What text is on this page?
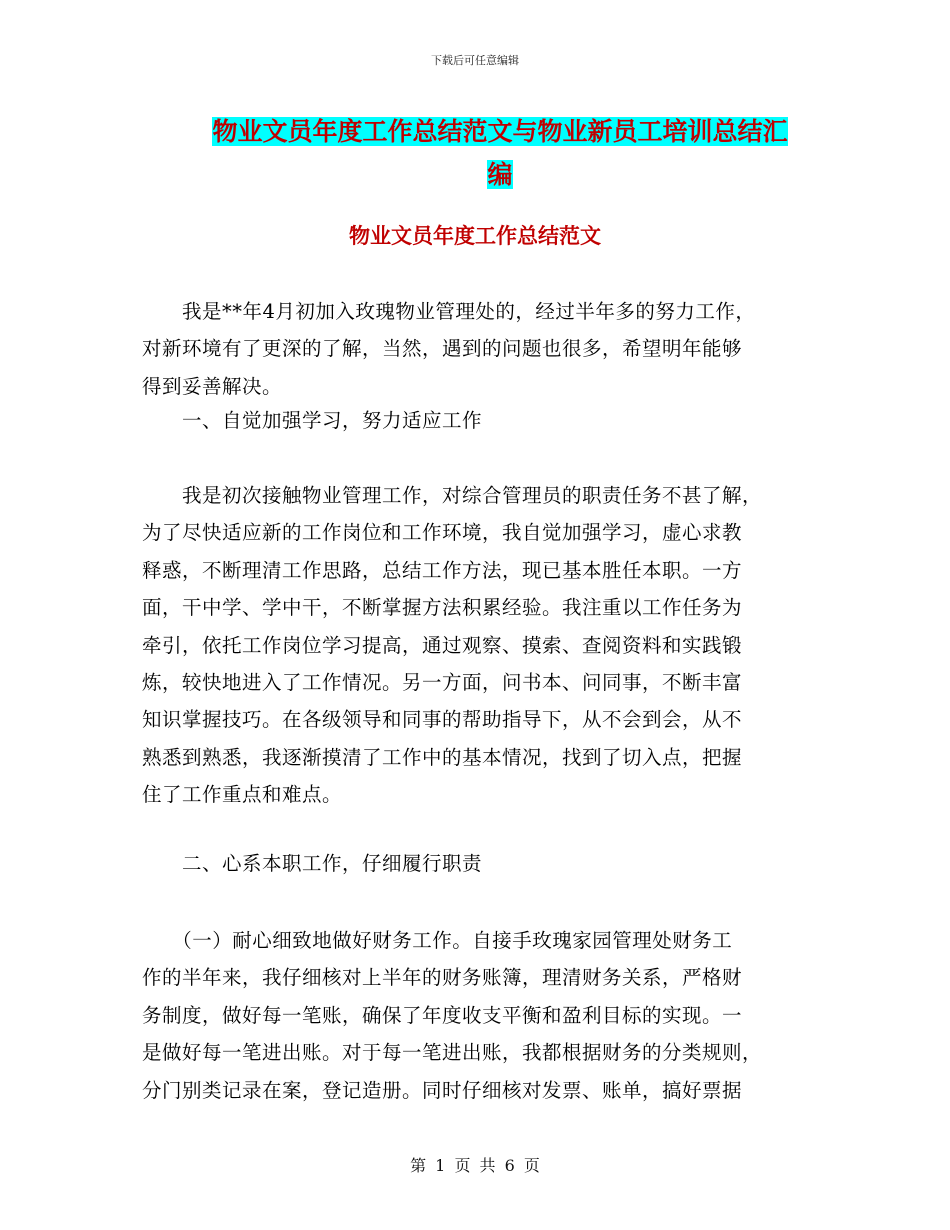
下载后可任意编辑
物业文员年度工作总结范文与物业新员工培训总结汇
编
物业文员年度工作总结范文
　　我是**年4月初加入玫瑰物业管理处的，经过半年多的努力工作，
对新环境有了更深的了解，当然，遇到的问题也很多，希望明年能够
得到妥善解决。
　　一、自觉加强学习，努力适应工作
　　我是初次接触物业管理工作，对综合管理员的职责任务不甚了解，
为了尽快适应新的工作岗位和工作环境，我自觉加强学习，虚心求教
释惑，不断理清工作思路，总结工作方法，现已基本胜任本职。一方
面，干中学、学中干，不断掌握方法积累经验。我注重以工作任务为
牵引，依托工作岗位学习提高，通过观察、摸索、查阅资料和实践锻
炼，较快地进入了工作情况。另一方面，问书本、问同事，不断丰富
知识掌握技巧。在各级领导和同事的帮助指导下，从不会到会，从不
熟悉到熟悉，我逐渐摸清了工作中的基本情况，找到了切入点，把握
住了工作重点和难点。
　　二、心系本职工作，仔细履行职责
　　（一）耐心细致地做好财务工作。自接手玫瑰家园管理处财务工
作的半年来，我仔细核对上半年的财务账簿，理清财务关系，严格财
务制度，做好每一笔账，确保了年度收支平衡和盈利目标的实现。一
是做好每一笔进出账。对于每一笔进出账，我都根据财务的分类规则，
分门别类记录在案，登记造册。同时仔细核对发票、账单，搞好票据
第 1 页 共 6 页
